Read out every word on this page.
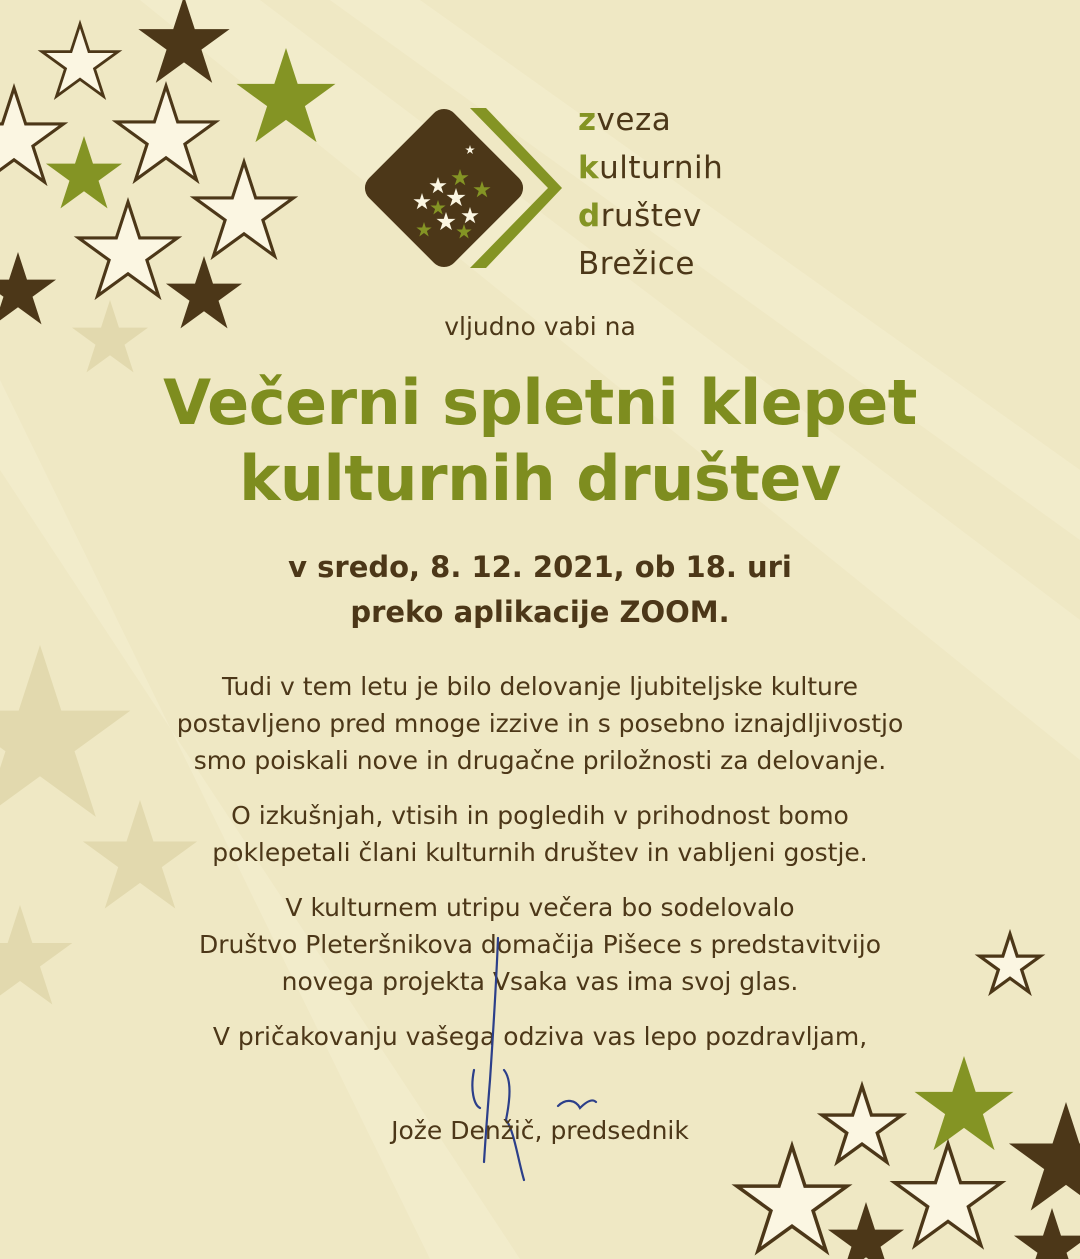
zveza
kulturnih
društev
Brežice
vljudno vabi na
Večerni spletni klepet
kulturnih društev
v sredo, 8. 12. 2021, ob 18. uri
preko aplikacije ZOOM.

Tudi v tem letu je bilo delovanje ljubiteljske kulture
postavljeno pred mnoge izzive in s posebno iznajdljivostjo
smo poiskali nove in drugačne priložnosti za delovanje.

O izkušnjah, vtisih in pogledih v prihodnost bomo
poklepetali člani kulturnih društev in vabljeni gostje.

V kulturnem utripu večera bo sodelovalo
Društvo Pleteršnikova domačija Pišece s predstavitvijo
novega projekta Vsaka vas ima svoj glas.

V pričakovanju vašega odziva vas lepo pozdravljam,

Jože Denžič, predsednik
